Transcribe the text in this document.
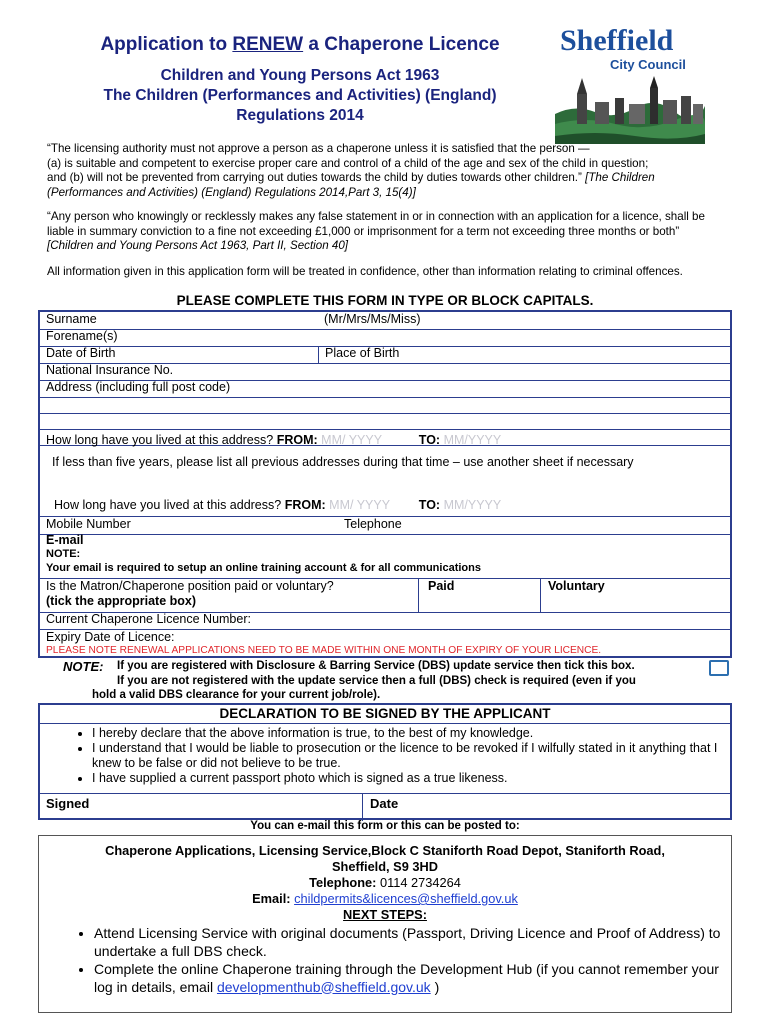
Application to RENEW a Chaperone Licence
Children and Young Persons Act 1963
The Children (Performances and Activities) (England)
Regulations 2014
Sheffield
City Council
“The licensing authority must not approve a person as a chaperone unless it is satisfied that the person —
(a) is suitable and competent to exercise proper care and control of a child of the age and sex of the child in question;
and (b) will not be prevented from carrying out duties towards the child by duties towards other children.” [The Children (Performances and Activities) (England) Regulations 2014,Part 3, 15(4)]
“Any person who knowingly or recklessly makes any false statement in or in connection with an application for a licence, shall be liable in summary conviction to a fine not exceeding £1,000 or imprisonment for a term not exceeding three months or both” [Children and Young Persons Act 1963, Part II, Section 40]
All information given in this application form will be treated in confidence, other than information relating to criminal offences.
PLEASE COMPLETE THIS FORM IN TYPE OR BLOCK CAPITALS.
Surname	(Mr/Mrs/Ms/Miss)
Forename(s)
Date of Birth	Place of Birth
National Insurance No.
Address (including full post code)
How long have you lived at this address? FROM: MM/ YYYY	TO: MM/YYYY
If less than five years, please list all previous addresses during that time – use another sheet if necessary
How long have you lived at this address? FROM: MM/ YYYY TO: MM/YYYY
Mobile Number	Telephone
E-mail
NOTE:
Your email is required to setup an online training account & for all communications
Is the Matron/Chaperone position paid or voluntary?
(tick the appropriate box)
Paid	Voluntary
Current Chaperone Licence Number:
Expiry Date of Licence:
PLEASE NOTE RENEWAL APPLICATIONS NEED TO BE MADE WITHIN ONE MONTH OF EXPIRY OF YOUR LICENCE.
NOTE: If you are registered with Disclosure & Barring Service (DBS) update service then tick this box.
If you are not registered with the update service then a full (DBS) check is required (even if you
hold a valid DBS clearance for your current job/role).
DECLARATION TO BE SIGNED BY THE APPLICANT
• I hereby declare that the above information is true, to the best of my knowledge.
• I understand that I would be liable to prosecution or the licence to be revoked if I wilfully stated in it anything that I knew to be false or did not believe to be true.
• I have supplied a current passport photo which is signed as a true likeness.
Signed	Date
You can e-mail this form or this can be posted to:
Chaperone Applications, Licensing Service,Block C Staniforth Road Depot, Staniforth Road,
Sheffield, S9 3HD
Telephone: 0114 2734264
Email: childpermits&licences@sheffield.gov.uk
NEXT STEPS:
• Attend Licensing Service with original documents (Passport, Driving Licence and Proof of Address) to undertake a full DBS check.
• Complete the online Chaperone training through the Development Hub (if you cannot remember your log in details, email developmenthub@sheffield.gov.uk )
